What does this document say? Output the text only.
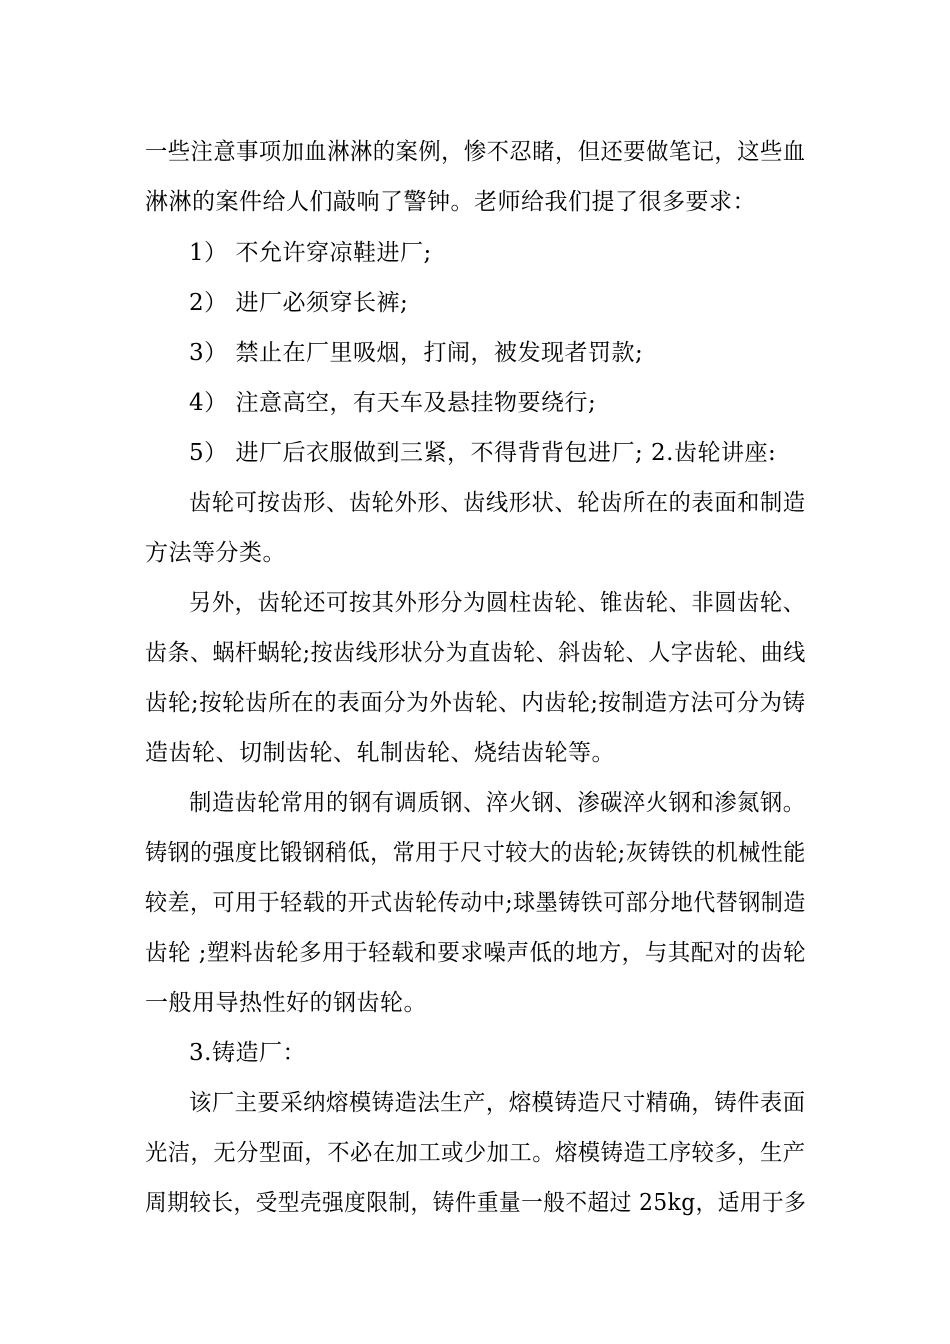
一些注意事项加血淋淋的案例，惨不忍睹，但还要做笔记，这些血
淋淋的案件给人们敲响了警钟。老师给我们提了很多要求：
1） 不允许穿凉鞋进厂;
2） 进厂必须穿长裤;
3） 禁止在厂里吸烟，打闹，被发现者罚款;
4） 注意高空，有天车及悬挂物要绕行;
5） 进厂后衣服做到三紧，不得背背包进厂; 2.齿轮讲座:
齿轮可按齿形、齿轮外形、齿线形状、轮齿所在的表面和制造
方法等分类。
另外，齿轮还可按其外形分为圆柱齿轮、锥齿轮、非圆齿轮、
齿条、蜗杆蜗轮;按齿线形状分为直齿轮、斜齿轮、人字齿轮、曲线
齿轮;按轮齿所在的表面分为外齿轮、内齿轮;按制造方法可分为铸
造齿轮、切制齿轮、轧制齿轮、烧结齿轮等。
制造齿轮常用的钢有调质钢、淬火钢、渗碳淬火钢和渗氮钢。
铸钢的强度比锻钢稍低，常用于尺寸较大的齿轮;灰铸铁的机械性能
较差，可用于轻载的开式齿轮传动中;球墨铸铁可部分地代替钢制造
齿轮 ;塑料齿轮多用于轻载和要求噪声低的地方，与其配对的齿轮
一般用导热性好的钢齿轮。
3.铸造厂：
该厂主要采纳熔模铸造法生产，熔模铸造尺寸精确，铸件表面
光洁，无分型面，不必在加工或少加工。熔模铸造工序较多，生产
周期较长，受型壳强度限制，铸件重量一般不超过 25kg，适用于多
